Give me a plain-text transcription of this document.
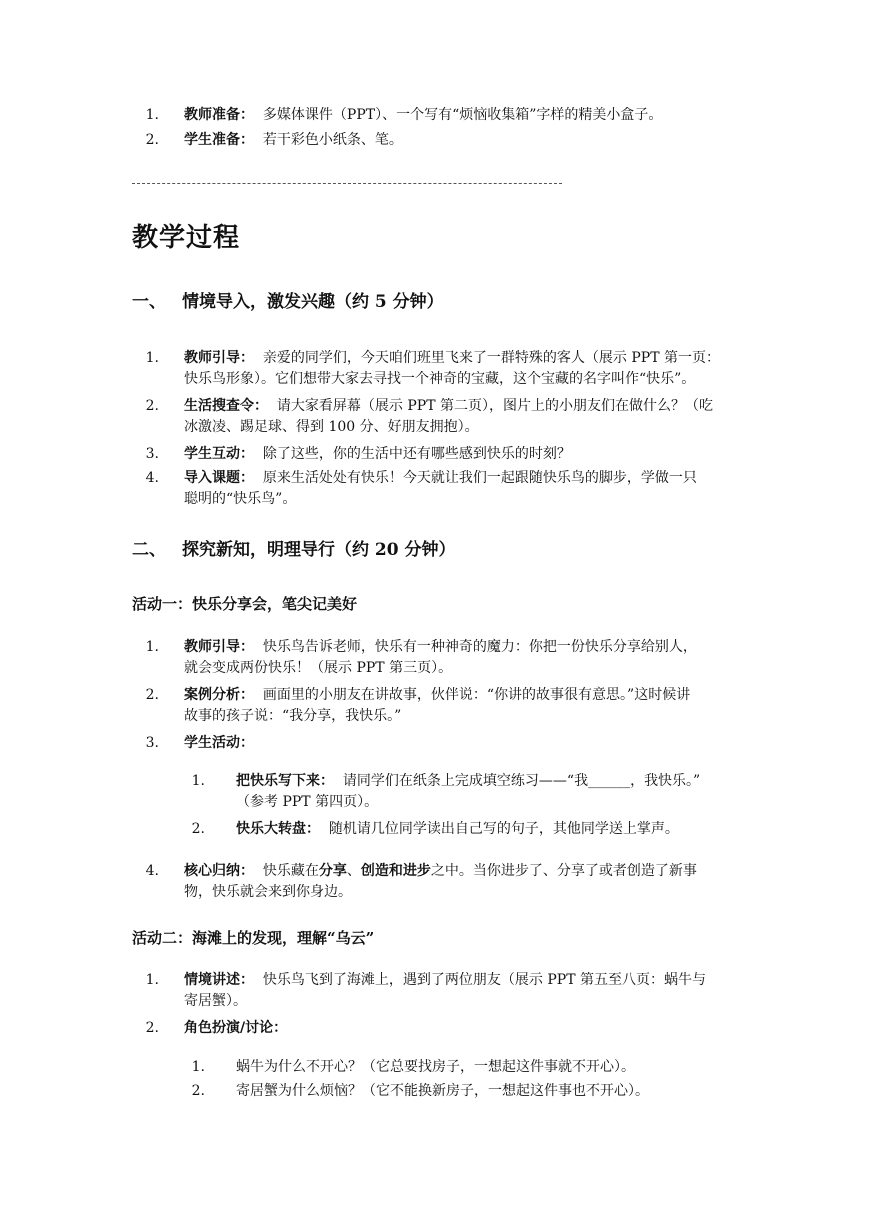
1. 教师准备： 多媒体课件（PPT）、一个写有“烦恼收集箱”字样的精美小盒子。
2. 学生准备： 若干彩色小纸条、笔。
教学过程
一、 情境导入，激发兴趣（约 5 分钟）
1. 教师引导： 亲爱的同学们，今天咱们班里飞来了一群特殊的客人（展示 PPT 第一页：
快乐鸟形象）。它们想带大家去寻找一个神奇的宝藏，这个宝藏的名字叫作“快乐”。
2. 生活搜查令： 请大家看屏幕（展示 PPT 第二页），图片上的小朋友们在做什么？（吃
冰激凌、踢足球、得到 100 分、好朋友拥抱）。
3. 学生互动： 除了这些，你的生活中还有哪些感到快乐的时刻？
4. 导入课题： 原来生活处处有快乐！今天就让我们一起跟随快乐鸟的脚步，学做一只
聪明的“快乐鸟”。
二、 探究新知，明理导行（约 20 分钟）
活动一：快乐分享会，笔尖记美好
1. 教师引导： 快乐鸟告诉老师，快乐有一种神奇的魔力：你把一份快乐分享给别人，
就会变成两份快乐！（展示 PPT 第三页）。
2. 案例分析： 画面里的小朋友在讲故事，伙伴说：“你讲的故事很有意思。”这时候讲
故事的孩子说：“我分享，我快乐。”
3. 学生活动：
1. 把快乐写下来： 请同学们在纸条上完成填空练习——“我______，我快乐。”
（参考 PPT 第四页）。
2. 快乐大转盘： 随机请几位同学读出自己写的句子，其他同学送上掌声。
4. 核心归纳： 快乐藏在分享、创造和进步之中。当你进步了、分享了或者创造了新事
物，快乐就会来到你身边。
活动二：海滩上的发现，理解“乌云”
1. 情境讲述： 快乐鸟飞到了海滩上，遇到了两位朋友（展示 PPT 第五至八页：蜗牛与
寄居蟹）。
2. 角色扮演/讨论：
1. 蜗牛为什么不开心？（它总要找房子，一想起这件事就不开心）。
2. 寄居蟹为什么烦恼？（它不能换新房子，一想起这件事也不开心）。
